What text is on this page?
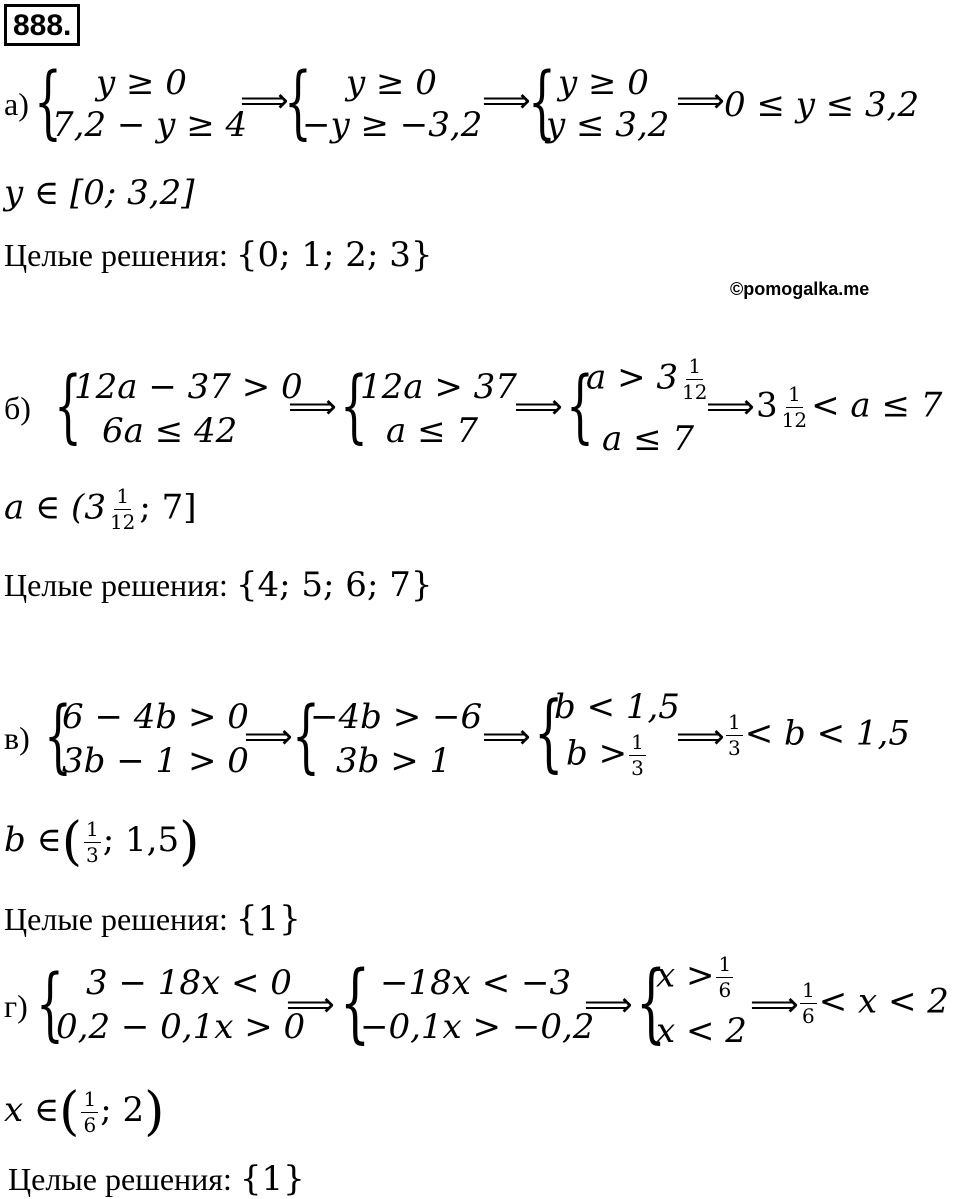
888.
а) { y ≥ 0
7,2 − y ≥ 4
⟹
{ y ≥ 0
−y ≥ −3,2
⟹
{ y ≥ 0
y ≤ 3,2
⟹ 0 ≤ y ≤ 3,2
y ∈ [0; 3,2]
Целые решения: {0; 1; 2; 3}
©pomogalka.me
б) {
12a − 37 > 0
6a ≤ 42
⟹ {
12a > 37
a ≤ 7
⟹ {
$a > 3 \frac{1}{12}$
a ≤ 7
⟹ $3 \frac{1}{12} < a \le 7$
a ∈ ($3 \frac{1}{12}$ ; 7]
Целые решения: {4; 5; 6; 7}
в) {
6 − 4b > 0
3b − 1 > 0
⟹ {
−4b > −6
3b > 1
⟹ {
b < 1,5
$b > \frac{1}{3}$ ⟹ $\frac{1}{3} < b < 1,5$
b ∈( $\frac{1}{3}$ ; 1,5)
Целые решения: {1}
г) { 3 − 18x < 0
0,2 − 0,1x > 0
⟹ { −18x < −3
−0,1x > −0,2
⟹ {
$x > \frac{1}{6}$
x < 2
⟹ $\frac{1}{6} < x < 2$
x ∈( $\frac{1}{6}$ ; 2)
Целые решения: {1}
